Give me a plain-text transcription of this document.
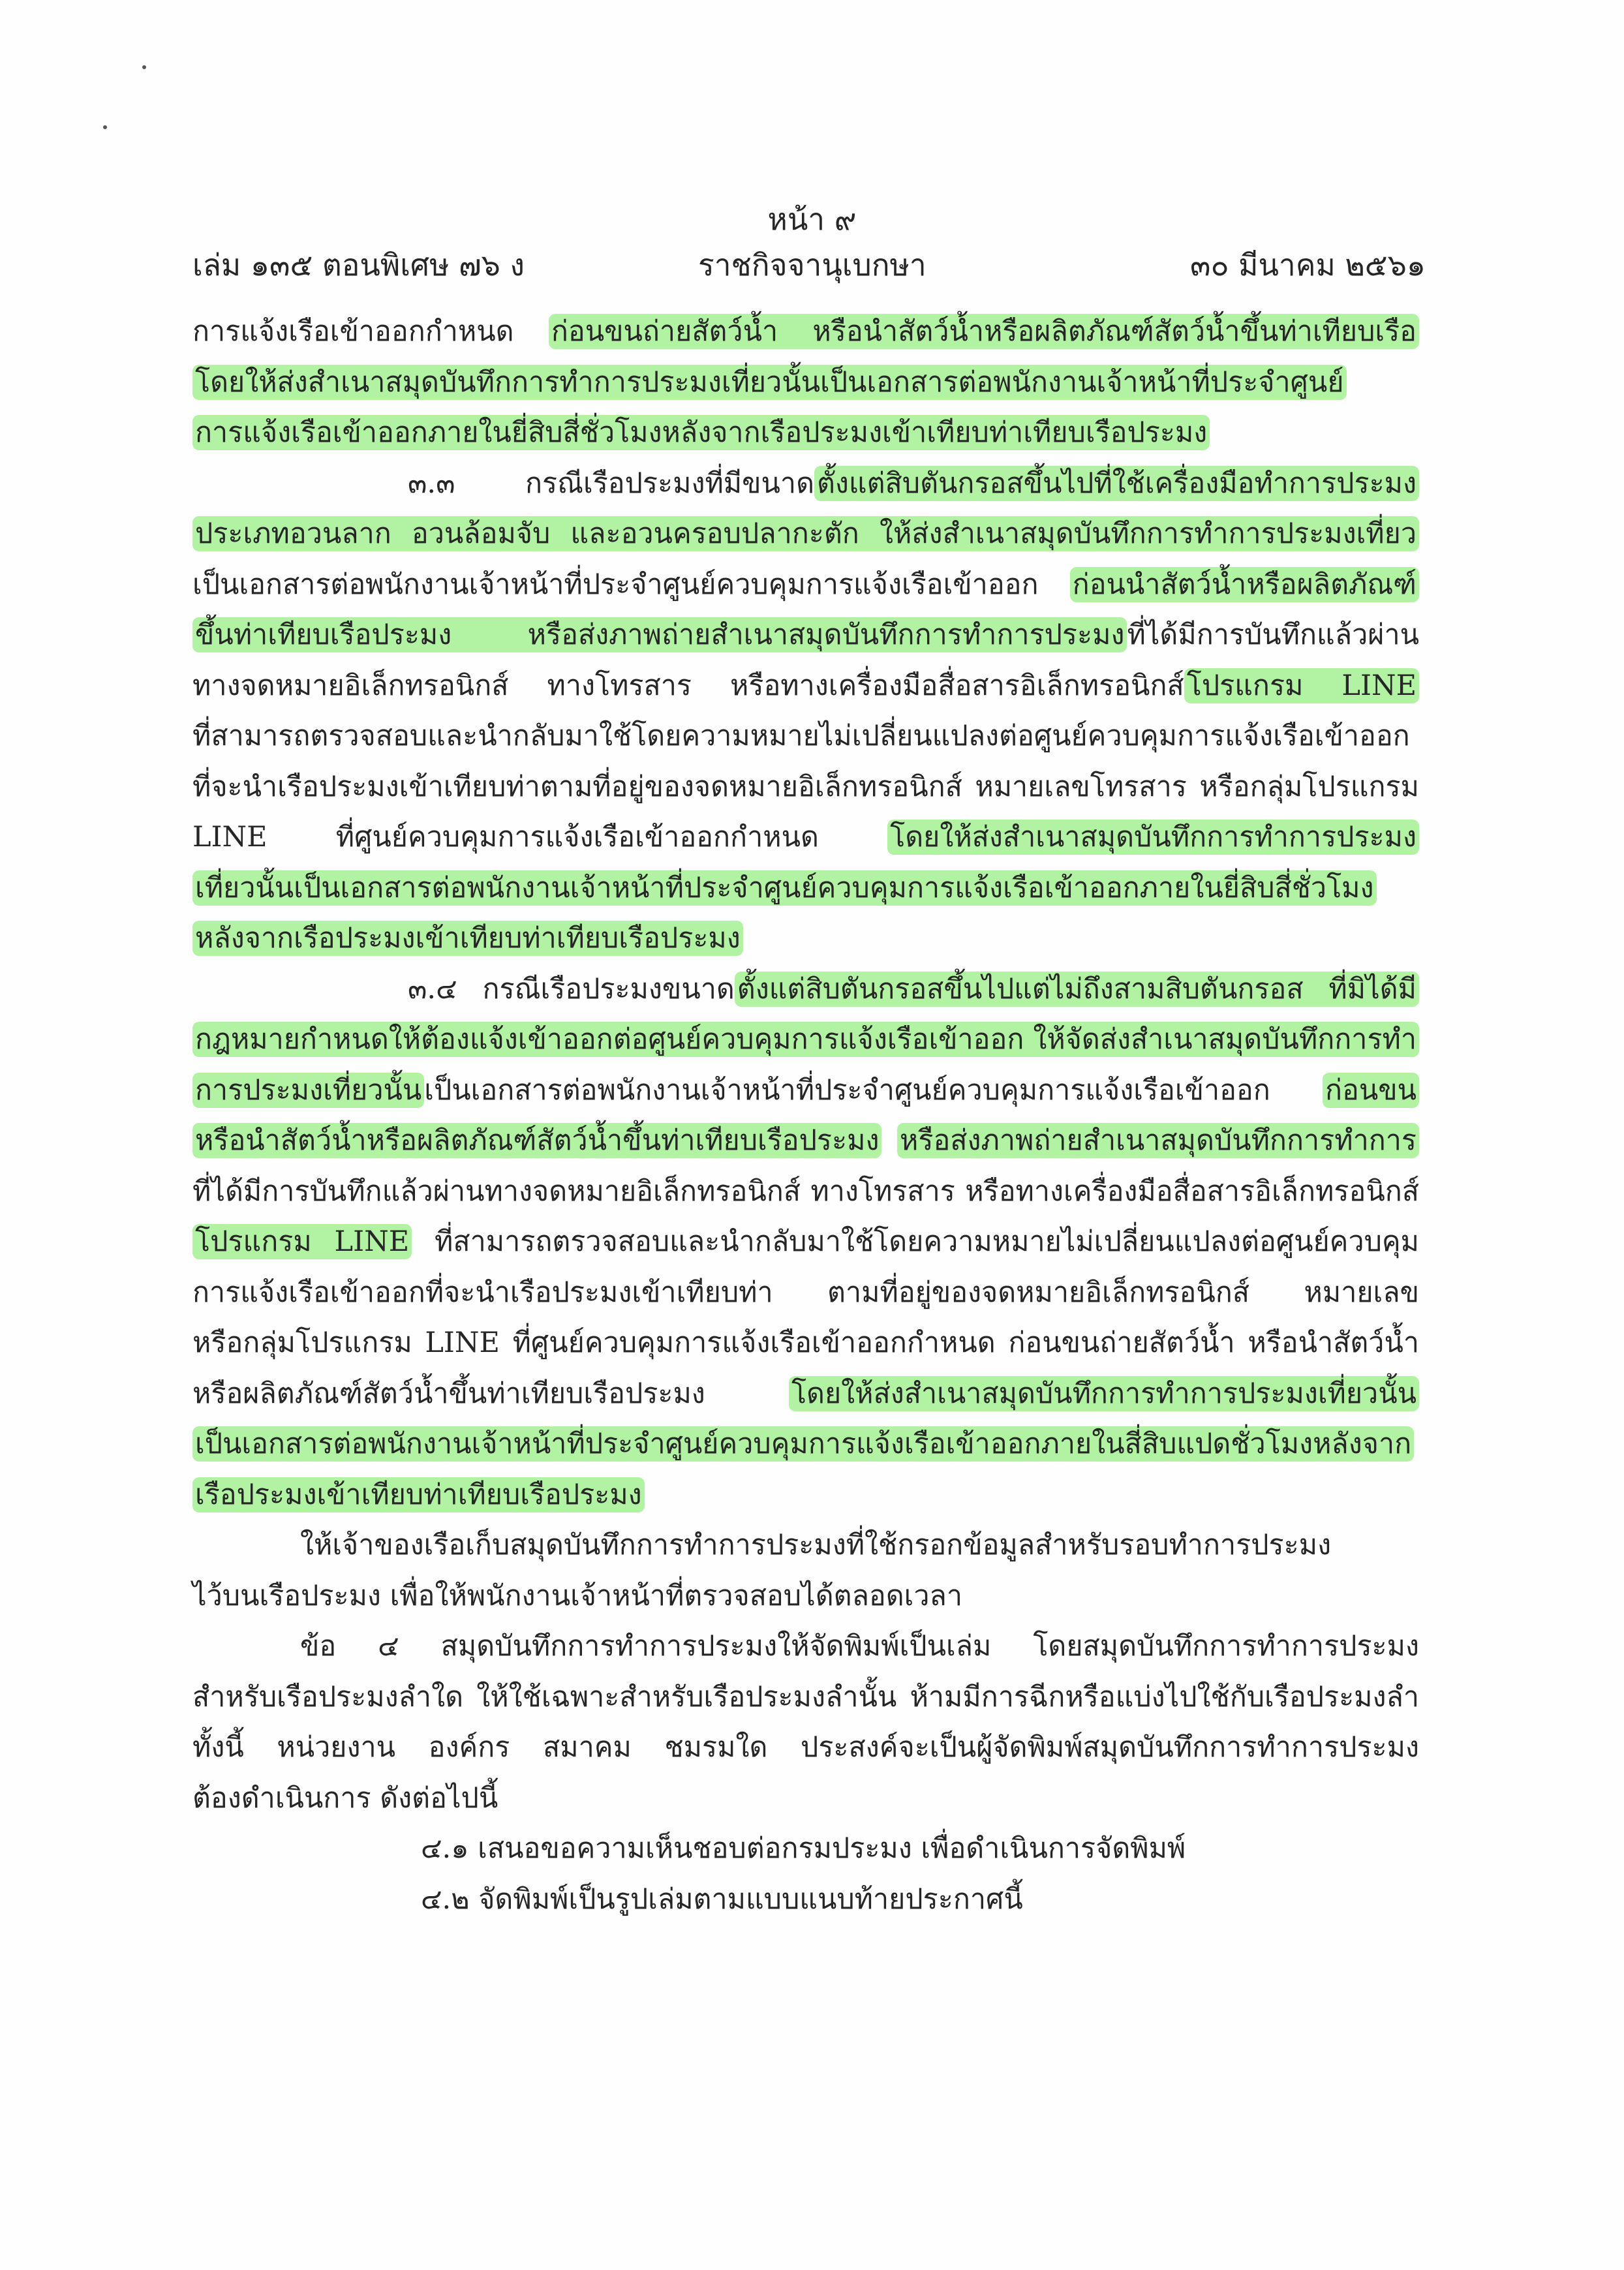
หน้า ๙
เล่ม ๑๓๕ ตอนพิเศษ ๗๖ ง	ราชกิจจานุเบกษา	๓๐ มีนาคม ๒๕๖๑
การแจ้งเรือเข้าออกกำหนด ก่อนขนถ่ายสัตว์น้ำ หรือนำสัตว์น้ำหรือผลิตภัณฑ์สัตว์น้ำขึ้นท่าเทียบเรือ
โดยให้ส่งสำเนาสมุดบันทึกการทำการประมงเที่ยวนั้นเป็นเอกสารต่อพนักงานเจ้าหน้าที่ประจำศูนย์
การแจ้งเรือเข้าออกภายในยี่สิบสี่ชั่วโมงหลังจากเรือประมงเข้าเทียบท่าเทียบเรือประมง
๓.๓ กรณีเรือประมงที่มีขนาดตั้งแต่สิบตันกรอสขึ้นไปที่ใช้เครื่องมือทำการประมง
ประเภทอวนลาก อวนล้อมจับ และอวนครอบปลากะตัก ให้ส่งสำเนาสมุดบันทึกการทำการประมงเที่ยว
เป็นเอกสารต่อพนักงานเจ้าหน้าที่ประจำศูนย์ควบคุมการแจ้งเรือเข้าออก ก่อนนำสัตว์น้ำหรือผลิตภัณฑ์
ขึ้นท่าเทียบเรือประมง หรือส่งภาพถ่ายสำเนาสมุดบันทึกการทำการประมงที่ได้มีการบันทึกแล้วผ่าน
ทางจดหมายอิเล็กทรอนิกส์ ทางโทรสาร หรือทางเครื่องมือสื่อสารอิเล็กทรอนิกส์โปรแกรม LINE
ที่สามารถตรวจสอบและนำกลับมาใช้โดยความหมายไม่เปลี่ยนแปลงต่อศูนย์ควบคุมการแจ้งเรือเข้าออก
ที่จะนำเรือประมงเข้าเทียบท่าตามที่อยู่ของจดหมายอิเล็กทรอนิกส์ หมายเลขโทรสาร หรือกลุ่มโปรแกรม
LINE ที่ศูนย์ควบคุมการแจ้งเรือเข้าออกกำหนด โดยให้ส่งสำเนาสมุดบันทึกการทำการประมง
เที่ยวนั้นเป็นเอกสารต่อพนักงานเจ้าหน้าที่ประจำศูนย์ควบคุมการแจ้งเรือเข้าออกภายในยี่สิบสี่ชั่วโมง
หลังจากเรือประมงเข้าเทียบท่าเทียบเรือประมง
๓.๔ กรณีเรือประมงขนาดตั้งแต่สิบตันกรอสขึ้นไปแต่ไม่ถึงสามสิบตันกรอส ที่มิได้มี
กฎหมายกำหนดให้ต้องแจ้งเข้าออกต่อศูนย์ควบคุมการแจ้งเรือเข้าออก ให้จัดส่งสำเนาสมุดบันทึกการทำ
การประมงเที่ยวนั้นเป็นเอกสารต่อพนักงานเจ้าหน้าที่ประจำศูนย์ควบคุมการแจ้งเรือเข้าออก ก่อนขน
หรือนำสัตว์น้ำหรือผลิตภัณฑ์สัตว์น้ำขึ้นท่าเทียบเรือประมง หรือส่งภาพถ่ายสำเนาสมุดบันทึกการทำการ
ที่ได้มีการบันทึกแล้วผ่านทางจดหมายอิเล็กทรอนิกส์ ทางโทรสาร หรือทางเครื่องมือสื่อสารอิเล็กทรอนิกส์
โปรแกรม LINE ที่สามารถตรวจสอบและนำกลับมาใช้โดยความหมายไม่เปลี่ยนแปลงต่อศูนย์ควบคุม
การแจ้งเรือเข้าออกที่จะนำเรือประมงเข้าเทียบท่า ตามที่อยู่ของจดหมายอิเล็กทรอนิกส์ หมายเลข
หรือกลุ่มโปรแกรม LINE ที่ศูนย์ควบคุมการแจ้งเรือเข้าออกกำหนด ก่อนขนถ่ายสัตว์น้ำ หรือนำสัตว์น้ำ
หรือผลิตภัณฑ์สัตว์น้ำขึ้นท่าเทียบเรือประมง โดยให้ส่งสำเนาสมุดบันทึกการทำการประมงเที่ยวนั้น
เป็นเอกสารต่อพนักงานเจ้าหน้าที่ประจำศูนย์ควบคุมการแจ้งเรือเข้าออกภายในสี่สิบแปดชั่วโมงหลังจาก
เรือประมงเข้าเทียบท่าเทียบเรือประมง
ให้เจ้าของเรือเก็บสมุดบันทึกการทำการประมงที่ใช้กรอกข้อมูลสำหรับรอบทำการประมง
ไว้บนเรือประมง เพื่อให้พนักงานเจ้าหน้าที่ตรวจสอบได้ตลอดเวลา
ข้อ ๔ สมุดบันทึกการทำการประมงให้จัดพิมพ์เป็นเล่ม โดยสมุดบันทึกการทำการประมง
สำหรับเรือประมงลำใด ให้ใช้เฉพาะสำหรับเรือประมงลำนั้น ห้ามมีการฉีกหรือแบ่งไปใช้กับเรือประมงลำ
ทั้งนี้ หน่วยงาน องค์กร สมาคม ชมรมใด ประสงค์จะเป็นผู้จัดพิมพ์สมุดบันทึกการทำการประมง
ต้องดำเนินการ ดังต่อไปนี้
๔.๑ เสนอขอความเห็นชอบต่อกรมประมง เพื่อดำเนินการจัดพิมพ์
๔.๒ จัดพิมพ์เป็นรูปเล่มตามแบบแนบท้ายประกาศนี้
